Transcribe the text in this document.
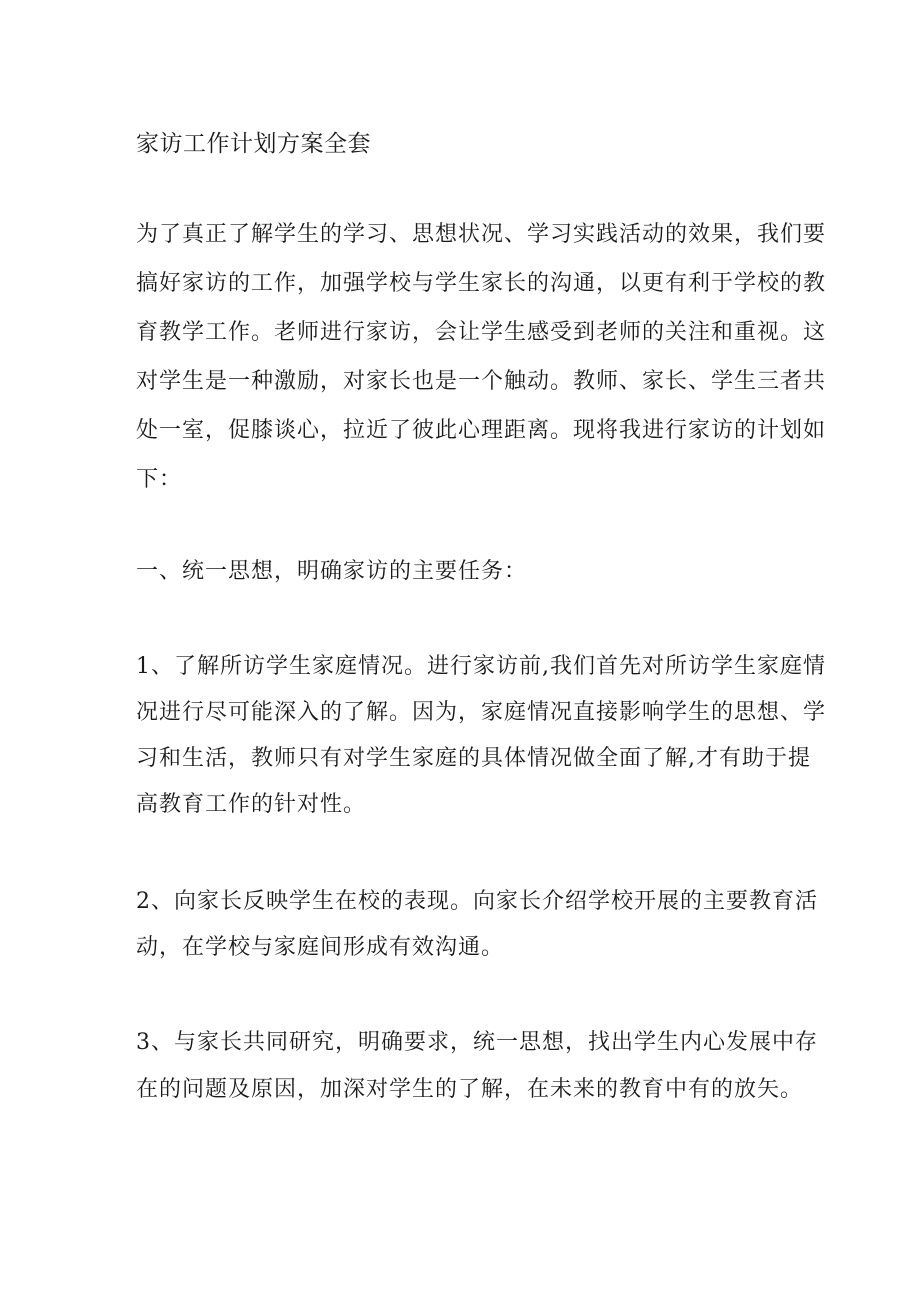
家访工作计划方案全套
为了真正了解学生的学习、思想状况、学习实践活动的效果，我们要
搞好家访的工作，加强学校与学生家长的沟通，以更有利于学校的教
育教学工作。老师进行家访，会让学生感受到老师的关注和重视。这
对学生是一种激励，对家长也是一个触动。教师、家长、学生三者共
处一室，促膝谈心，拉近了彼此心理距离。现将我进行家访的计划如
下：
一、统一思想，明确家访的主要任务：
1、了解所访学生家庭情况。进行家访前,我们首先对所访学生家庭情
况进行尽可能深入的了解。因为，家庭情况直接影响学生的思想、学
习和生活，教师只有对学生家庭的具体情况做全面了解,才有助于提
高教育工作的针对性。
2、向家长反映学生在校的表现。向家长介绍学校开展的主要教育活
动，在学校与家庭间形成有效沟通。
3、与家长共同研究，明确要求，统一思想，找出学生内心发展中存
在的问题及原因，加深对学生的了解，在未来的教育中有的放矢。
